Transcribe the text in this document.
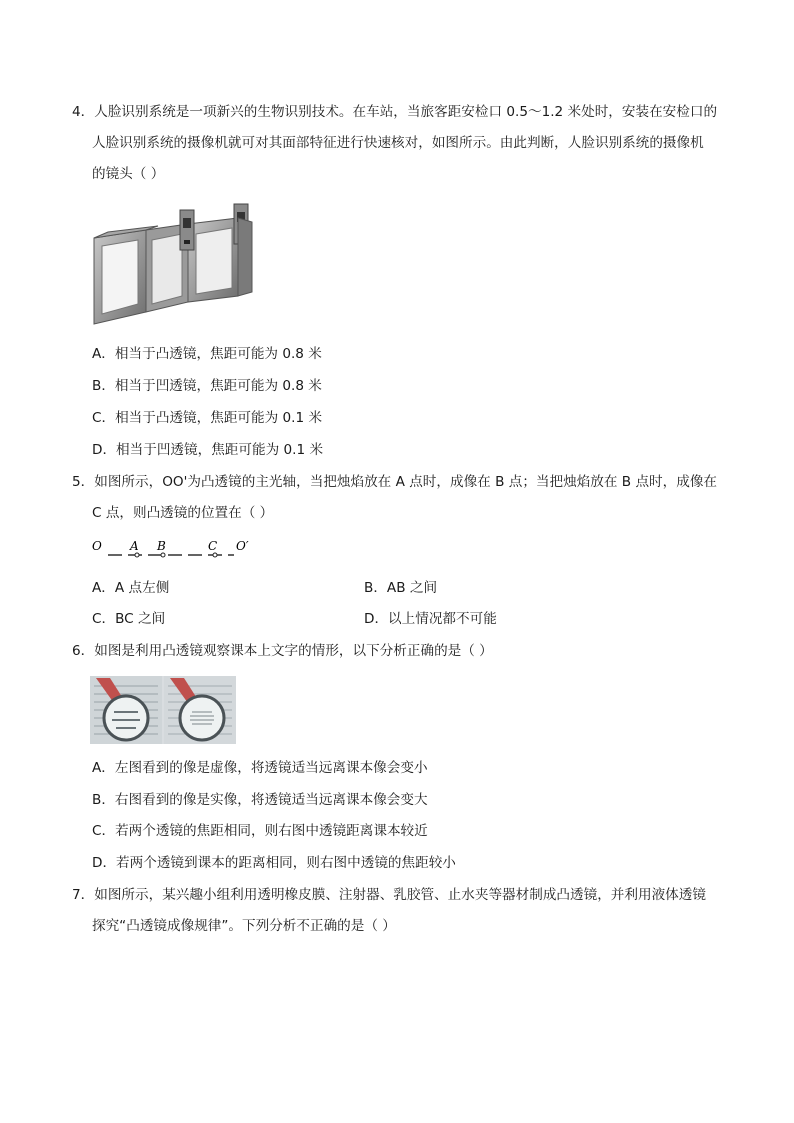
4．人脸识别系统是一项新兴的生物识别技术。在车站，当旅客距安检口 0.5～1.2 米处时，安装在安检口的

人脸识别系统的摄像机就可对其面部特征进行快速核对，如图所示。由此判断，人脸识别系统的摄像机

的镜头（ ）

A．相当于凸透镜，焦距可能为 0.8 米

B．相当于凹透镜，焦距可能为 0.8 米

C．相当于凸透镜，焦距可能为 0.1 米

D．相当于凹透镜，焦距可能为 0.1 米

5．如图所示，OO'为凸透镜的主光轴，当把烛焰放在 A 点时，成像在 B 点；当把烛焰放在 B 点时，成像在

C 点，则凸透镜的位置在（ ）

O A B	C O′

A．A 点左侧	B．AB 之间

C．BC 之间	D．以上情况都不可能

6．如图是利用凸透镜观察课本上文字的情形，以下分析正确的是（ ）

A．左图看到的像是虚像，将透镜适当远离课本像会变小

B．右图看到的像是实像，将透镜适当远离课本像会变大

C．若两个透镜的焦距相同，则右图中透镜距离课本较近

D．若两个透镜到课本的距离相同，则右图中透镜的焦距较小

7．如图所示，某兴趣小组利用透明橡皮膜、注射器、乳胶管、止水夹等器材制成凸透镜，并利用液体透镜

探究“凸透镜成像规律”。下列分析不正确的是（ ）
